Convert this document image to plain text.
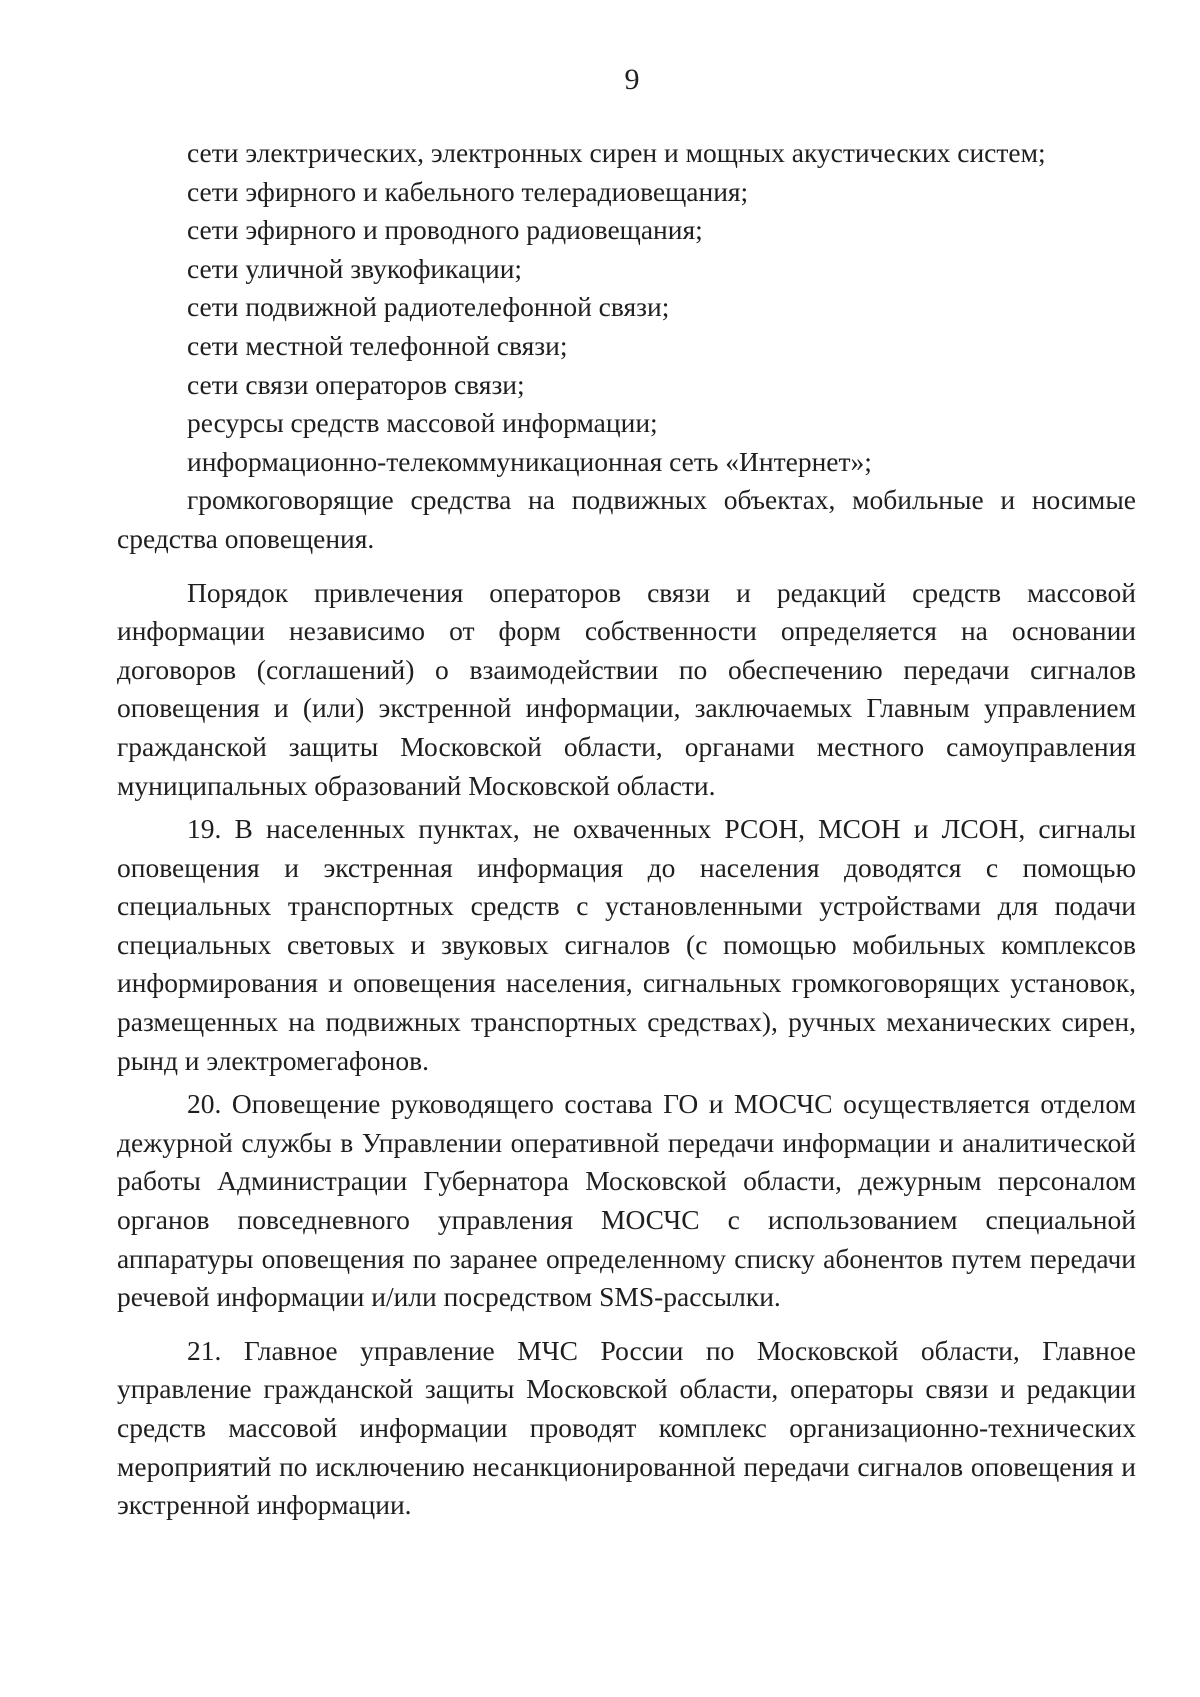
9

сети электрических, электронных сирен и мощных акустических систем;

сети эфирного и кабельного телерадиовещания;

сети эфирного и проводного радиовещания;

сети уличной звукофикации;

сети подвижной радиотелефонной связи;

сети местной телефонной связи;

сети связи операторов связи;

ресурсы средств массовой информации;

информационно-телекоммуникационная сеть «Интернет»;

громкоговорящие средства на подвижных объектах, мобильные и носимые средства оповещения.

Порядок привлечения операторов связи и редакций средств массовой информации независимо от форм собственности определяется на основании договоров (соглашений) о взаимодействии по обеспечению передачи сигналов оповещения и (или) экстренной информации, заключаемых Главным управлением гражданской защиты Московской области, органами местного самоуправления муниципальных образований Московской области.

19. В населенных пунктах, не охваченных РСОН, МСОН и ЛСОН, сигналы оповещения и экстренная информация до населения доводятся с помощью специальных транспортных средств с установленными устройствами для подачи специальных световых и звуковых сигналов (с помощью мобильных комплексов информирования и оповещения населения, сигнальных громкоговорящих установок, размещенных на подвижных транспортных средствах), ручных механических сирен, рынд и электромегафонов.

20. Оповещение руководящего состава ГО и МОСЧС осуществляется отделом дежурной службы в Управлении оперативной передачи информации и аналитической работы Администрации Губернатора Московской области, дежурным персоналом органов повседневного управления МОСЧС с использованием специальной аппаратуры оповещения по заранее определенному списку абонентов путем передачи речевой информации и/или посредством SMS-рассылки.

21. Главное управление МЧС России по Московской области, Главное управление гражданской защиты Московской области, операторы связи и редакции средств массовой информации проводят комплекс организационно-технических мероприятий по исключению несанкционированной передачи сигналов оповещения и экстренной информации.
